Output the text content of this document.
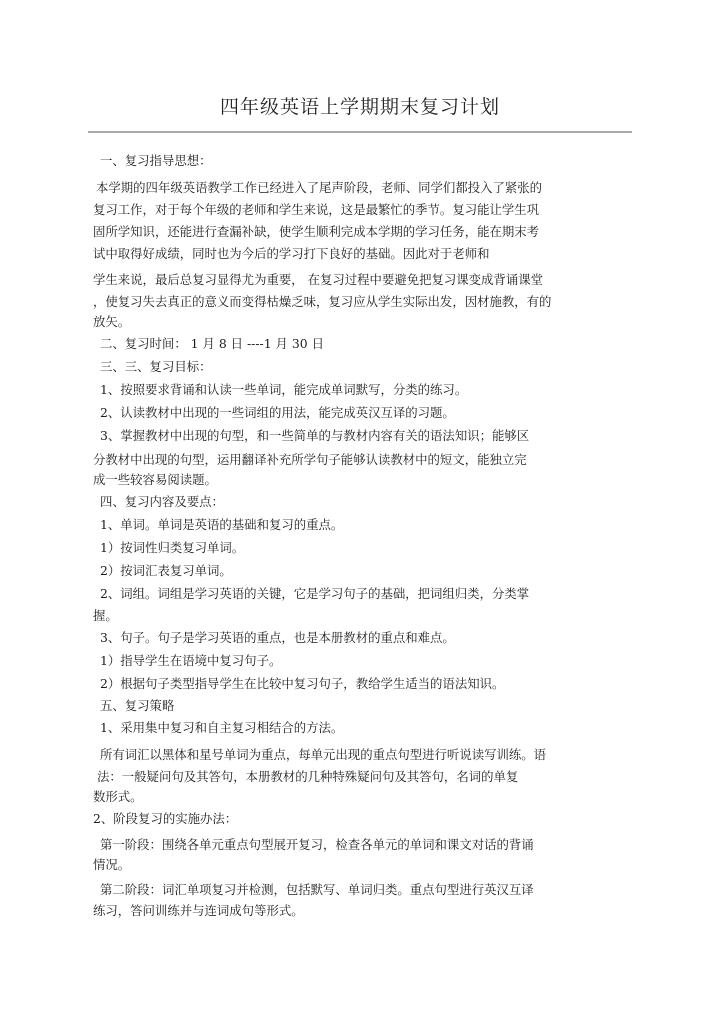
四年级英语上学期期末复习计划
一、复习指导思想：
本学期的四年级英语教学工作已经进入了尾声阶段，老师、同学们都投入了紧张的
复习工作，对于每个年级的老师和学生来说，这是最繁忙的季节。复习能让学生巩
固所学知识，还能进行查漏补缺，使学生顺利完成本学期的学习任务，能在期末考
试中取得好成绩，同时也为今后的学习打下良好的基础。因此对于老师和
学生来说，最后总复习显得尤为重要， 在复习过程中要避免把复习课变成背诵课堂
，使复习失去真正的意义而变得枯燥乏味，复习应从学生实际出发，因材施教，有的
放矢。
二、复习时间： 1 月 8 日 ----1 月 30 日
三、三、复习目标：
1、按照要求背诵和认读一些单词，能完成单词默写，分类的练习。
2、认读教材中出现的一些词组的用法，能完成英汉互译的习题。
3、掌握教材中出现的句型，和一些简单的与教材内容有关的语法知识；能够区
分教材中出现的句型，运用翻译补充所学句子能够认读教材中的短文，能独立完
成一些较容易阅读题。
四、复习内容及要点：
1、单词。单词是英语的基础和复习的重点。
1）按词性归类复习单词。
2）按词汇表复习单词。
2、词组。词组是学习英语的关键，它是学习句子的基础，把词组归类，分类掌
握。
3、句子。句子是学习英语的重点，也是本册教材的重点和难点。
1）指导学生在语境中复习句子。
2）根据句子类型指导学生在比较中复习句子，教给学生适当的语法知识。
五、复习策略
1、采用集中复习和自主复习相结合的方法。
所有词汇以黑体和星号单词为重点，每单元出现的重点句型进行听说读写训练。语
法：一般疑问句及其答句，本册教材的几种特殊疑问句及其答句，名词的单复
数形式。
2、阶段复习的实施办法：
第一阶段：围绕各单元重点句型展开复习，检查各单元的单词和课文对话的背诵
情况。
第二阶段：词汇单项复习并检测，包括默写、单词归类。重点句型进行英汉互译
练习，答问训练并与连词成句等形式。
